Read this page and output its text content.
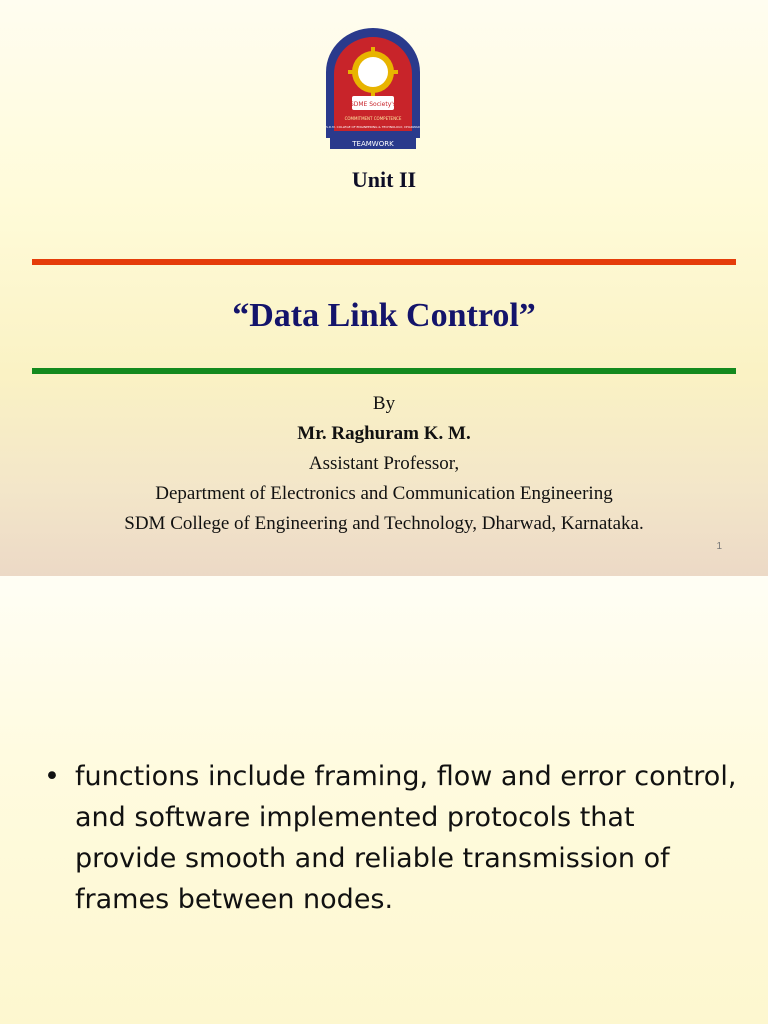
TEAMWORK
SDME Society's
COMMITMENT COMPETENCE
S.D.M. COLLEGE OF ENGINEERING & TECHNOLOGY, DHARWAD
Unit II
“Data Link Control”
By
Mr. Raghuram K. M.
Assistant Professor,
Department of Electronics and Communication Engineering
SDM College of Engineering and Technology, Dharwad, Karnataka.
1
• functions include framing, flow and error control, and software implemented protocols that provide smooth and reliable transmission of frames between nodes.
